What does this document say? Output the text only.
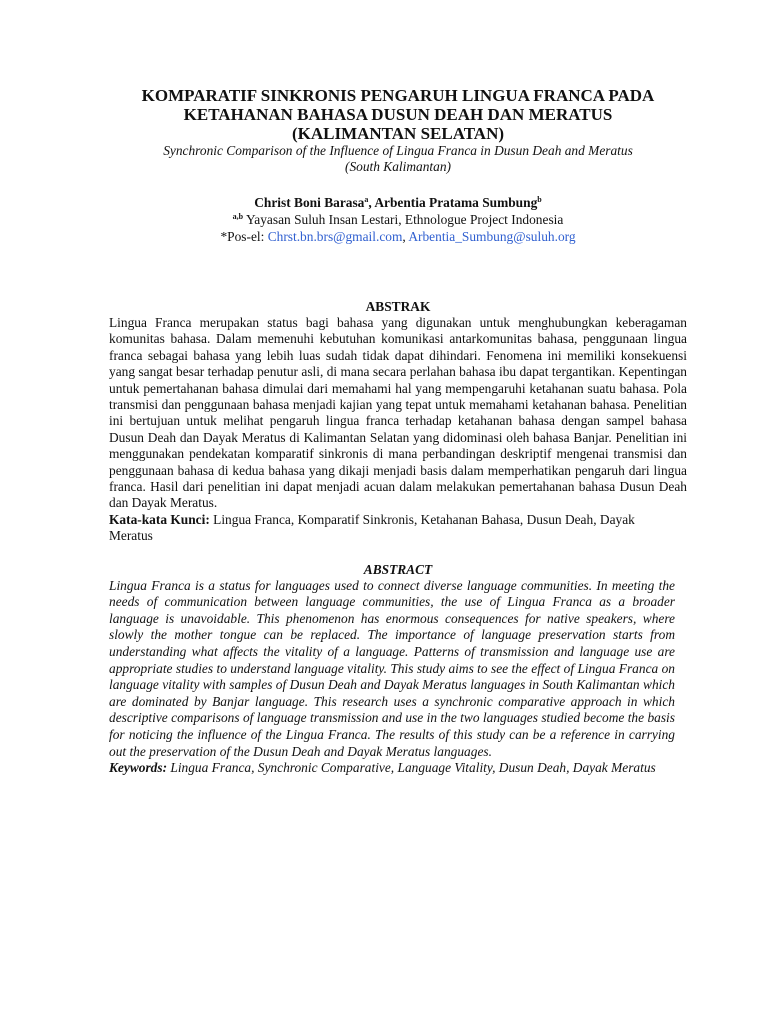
KOMPARATIF SINKRONIS PENGARUH LINGUA FRANCA PADA
KETAHANAN BAHASA DUSUN DEAH DAN MERATUS
(KALIMANTAN SELATAN)

Synchronic Comparison of the Influence of Lingua Franca in Dusun Deah and Meratus
(South Kalimantan)

Christ Boni Barasa$^a$, Arbentia Pratama Sumbung$^b$

$^{a,b}$ Yayasan Suluh Insan Lestari, Ethnologue Project Indonesia

*Pos-el: Chrst.bn.brs@gmail.com, Arbentia_Sumbung@suluh.org

ABSTRAK

Lingua Franca merupakan status bagi bahasa yang digunakan untuk menghubungkan keberagaman komunitas bahasa. Dalam memenuhi kebutuhan komunikasi antarkomunitas bahasa, penggunaan lingua franca sebagai bahasa yang lebih luas sudah tidak dapat dihindari. Fenomena ini memiliki konsekuensi yang sangat besar terhadap penutur asli, di mana secara perlahan bahasa ibu dapat tergantikan. Kepentingan untuk pemertahanan bahasa dimulai dari memahami hal yang mempengaruhi ketahanan suatu bahasa. Pola transmisi dan penggunaan bahasa menjadi kajian yang tepat untuk memahami ketahanan bahasa. Penelitian ini bertujuan untuk melihat pengaruh lingua franca terhadap ketahanan bahasa dengan sampel bahasa Dusun Deah dan Dayak Meratus di Kalimantan Selatan yang didominasi oleh bahasa Banjar. Penelitian ini menggunakan pendekatan komparatif sinkronis di mana perbandingan deskriptif mengenai transmisi dan penggunaan bahasa di kedua bahasa yang dikaji menjadi basis dalam memperhatikan pengaruh dari lingua franca. Hasil dari penelitian ini dapat menjadi acuan dalam melakukan pemertahanan bahasa Dusun Deah dan Dayak Meratus.

Kata-kata Kunci: Lingua Franca, Komparatif Sinkronis, Ketahanan Bahasa, Dusun Deah, Dayak Meratus

ABSTRACT

Lingua Franca is a status for languages used to connect diverse language communities. In meeting the needs of communication between language communities, the use of Lingua Franca as a broader language is unavoidable. This phenomenon has enormous consequences for native speakers, where slowly the mother tongue can be replaced. The importance of language preservation starts from understanding what affects the vitality of a language. Patterns of transmission and language use are appropriate studies to understand language vitality. This study aims to see the effect of Lingua Franca on language vitality with samples of Dusun Deah and Dayak Meratus languages in South Kalimantan which are dominated by Banjar language. This research uses a synchronic comparative approach in which descriptive comparisons of language transmission and use in the two languages studied become the basis for noticing the influence of the Lingua Franca. The results of this study can be a reference in carrying out the preservation of the Dusun Deah and Dayak Meratus languages.

Keywords: Lingua Franca, Synchronic Comparative, Language Vitality, Dusun Deah, Dayak Meratus
